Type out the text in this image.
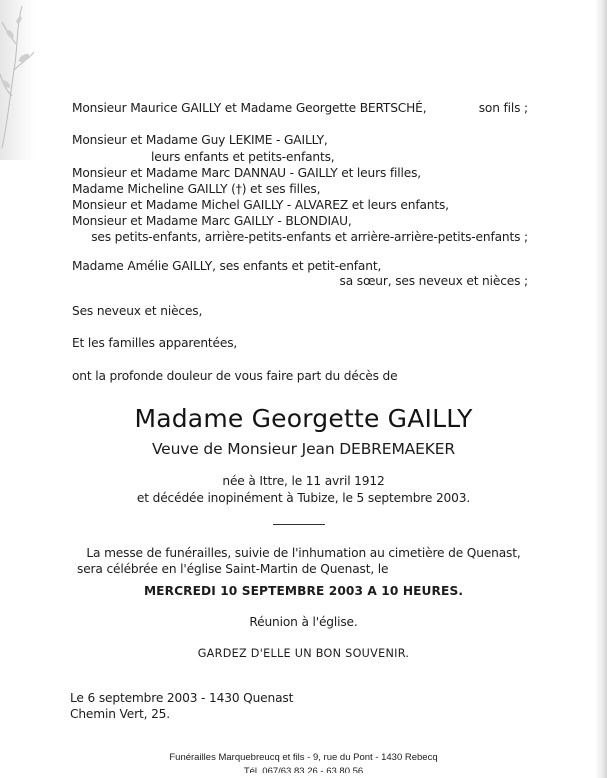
Monsieur Maurice GAILLY et Madame Georgette BERTSCHÉ,	son fils ;
Monsieur et Madame Guy LEKIME - GAILLY,
leurs enfants et petits-enfants,
Monsieur et Madame Marc DANNAU - GAILLY et leurs filles,
Madame Micheline GAILLY (†) et ses filles,
Monsieur et Madame Michel GAILLY - ALVAREZ et leurs enfants,
Monsieur et Madame Marc GAILLY - BLONDIAU,
ses petits-enfants, arrière-petits-enfants et arrière-arrière-petits-enfants ;
Madame Amélie GAILLY, ses enfants et petit-enfant,
sa sœur, ses neveux et nièces ;
Ses neveux et nièces,
Et les familles apparentées,
ont la profonde douleur de vous faire part du décès de
Madame Georgette GAILLY
Veuve de Monsieur Jean DEBREMAEKER
née à Ittre, le 11 avril 1912
et décédée inopinément à Tubize, le 5 septembre 2003.
La messe de funérailles, suivie de l'inhumation au cimetière de Quenast,
sera célébrée en l'église Saint-Martin de Quenast, le
MERCREDI 10 SEPTEMBRE 2003 A 10 HEURES.
Réunion à l'église.
GARDEZ D'ELLE UN BON SOUVENIR.
Le 6 septembre 2003 - 1430 Quenast
Chemin Vert, 25.
Funérailles Marquebreucq et fils - 9, rue du Pont - 1430 Rebecq
Tél. 067/63.83.26 - 63.80.56
